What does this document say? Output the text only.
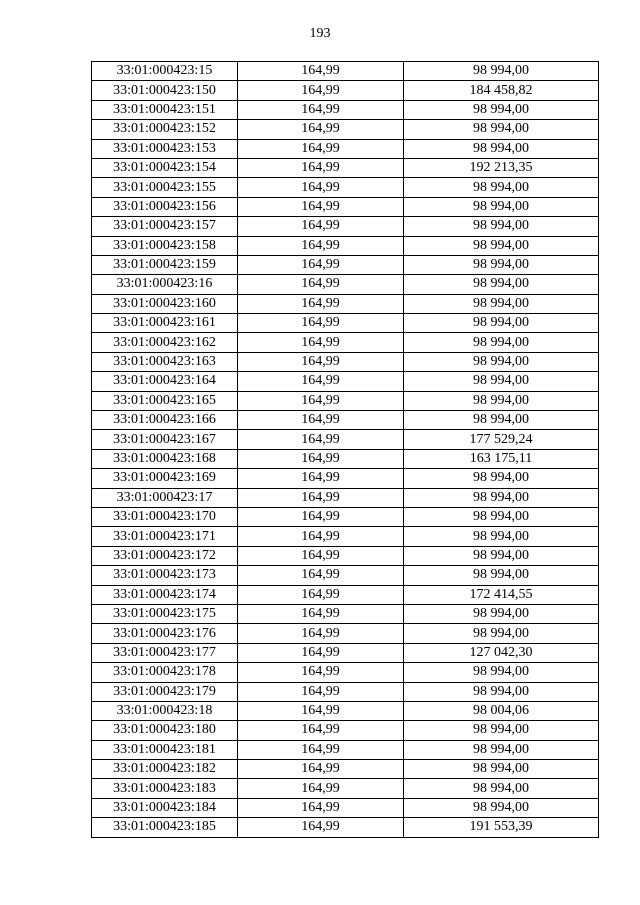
193
33:01:000423:15	164,99	98 994,00
33:01:000423:150	164,99	184 458,82
33:01:000423:151	164,99	98 994,00
33:01:000423:152	164,99	98 994,00
33:01:000423:153	164,99	98 994,00
33:01:000423:154	164,99	192 213,35
33:01:000423:155	164,99	98 994,00
33:01:000423:156	164,99	98 994,00
33:01:000423:157	164,99	98 994,00
33:01:000423:158	164,99	98 994,00
33:01:000423:159	164,99	98 994,00
33:01:000423:16	164,99	98 994,00
33:01:000423:160	164,99	98 994,00
33:01:000423:161	164,99	98 994,00
33:01:000423:162	164,99	98 994,00
33:01:000423:163	164,99	98 994,00
33:01:000423:164	164,99	98 994,00
33:01:000423:165	164,99	98 994,00
33:01:000423:166	164,99	98 994,00
33:01:000423:167	164,99	177 529,24
33:01:000423:168	164,99	163 175,11
33:01:000423:169	164,99	98 994,00
33:01:000423:17	164,99	98 994,00
33:01:000423:170	164,99	98 994,00
33:01:000423:171	164,99	98 994,00
33:01:000423:172	164,99	98 994,00
33:01:000423:173	164,99	98 994,00
33:01:000423:174	164,99	172 414,55
33:01:000423:175	164,99	98 994,00
33:01:000423:176	164,99	98 994,00
33:01:000423:177	164,99	127 042,30
33:01:000423:178	164,99	98 994,00
33:01:000423:179	164,99	98 994,00
33:01:000423:18	164,99	98 004,06
33:01:000423:180	164,99	98 994,00
33:01:000423:181	164,99	98 994,00
33:01:000423:182	164,99	98 994,00
33:01:000423:183	164,99	98 994,00
33:01:000423:184	164,99	98 994,00
33:01:000423:185	164,99	191 553,39
